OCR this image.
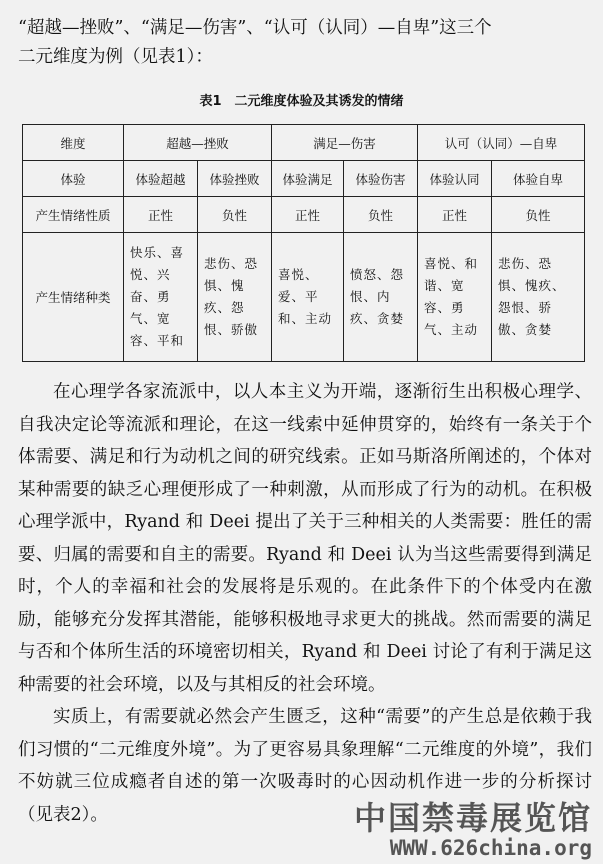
“超越—挫败”、“满足—伤害”、“认可（认同）—自卑”这三个

二元维度为例（见表1）：

表1　二元维度体验及其诱发的情绪
维度	超越—挫败		满足—伤害		认可（认同）—自卑	
体验	体验超越	体验挫败	体验满足	体验伤害	体验认同	体验自卑
产生情绪性质	正性	负性	正性	负性	正性	负性
产生情绪种类	快乐、喜悦、兴奋、勇气、宽容、平和	悲伤、恐惧、愧疚、怨恨、骄傲	喜悦、爱、平和、主动	愤怒、怨恨、内疚、贪婪	喜悦、和谐、宽容、勇气、主动	悲伤、恐惧、愧疚、怨恨、骄傲、贪婪

在心理学各家流派中，以人本主义为开端，逐渐衍生出积极心理学、自我决定论等流派和理论，在这一线索中延伸贯穿的，始终有一条关于个体需要、满足和行为动机之间的研究线索。正如马斯洛所阐述的，个体对某种需要的缺乏心理便形成了一种刺激，从而形成了行为的动机。在积极心理学派中，Ryand 和 Deei 提出了关于三种相关的人类需要：胜任的需要、归属的需要和自主的需要。Ryand 和 Deei 认为当这些需要得到满足时，个人的幸福和社会的发展将是乐观的。在此条件下的个体受内在激励，能够充分发挥其潜能，能够积极地寻求更大的挑战。然而需要的满足与否和个体所生活的环境密切相关，Ryand 和 Deei 讨论了有利于满足这种需要的社会环境，以及与其相反的社会环境。

实质上，有需要就必然会产生匮乏，这种“需要”的产生总是依赖于我们习惯的“二元维度外境”。为了更容易具象理解“二元维度的外境”，我们不妨就三位成瘾者自述的第一次吸毒时的心因动机作进一步的分析探讨（见表2）。	中国禁毒展览馆
WWW.626china.org
